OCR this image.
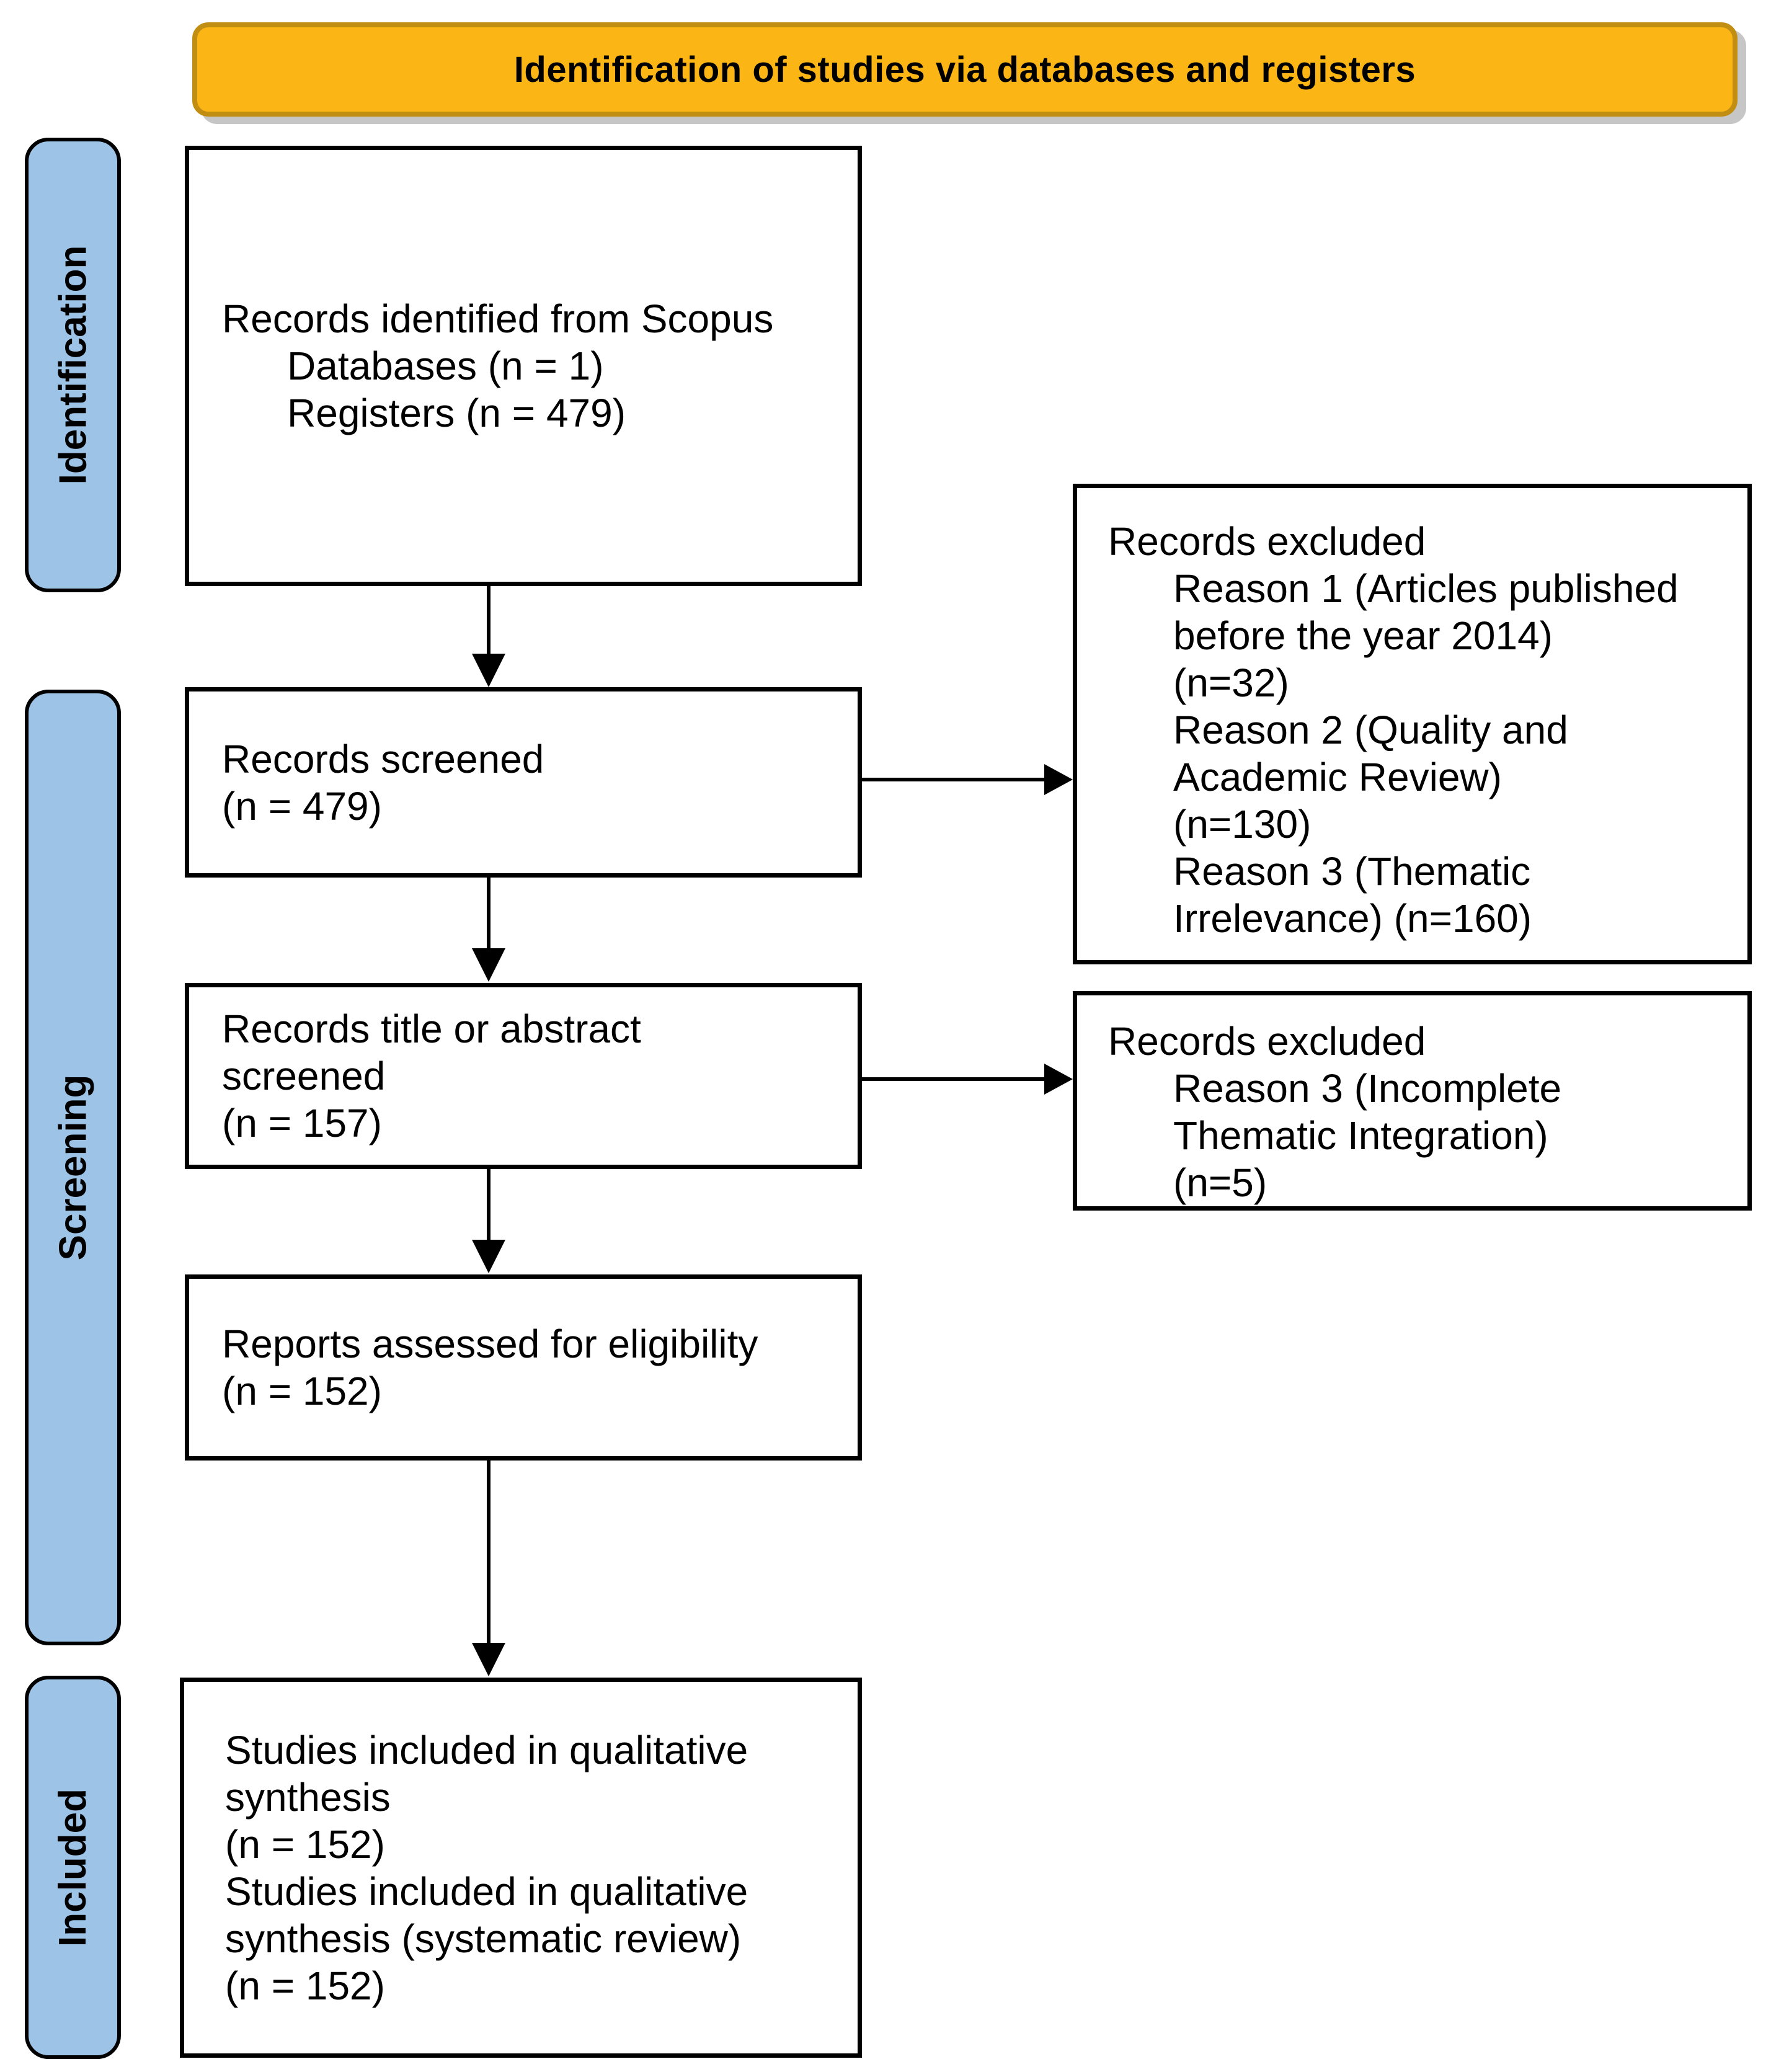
Identification of studies via databases and registers
Identification
Screening
Included
Records identified from Scopus
Databases (n = 1)
Registers (n = 479)
Records screened
(n = 479)
Records excluded
Reason 1 (Articles published
before the year 2014)
(n=32)
Reason 2 (Quality and
Academic Review)
(n=130)
Reason 3 (Thematic
Irrelevance) (n=160)
Records title or abstract
screened
(n = 157)
Records excluded
Reason 3 (Incomplete
Thematic Integration)
(n=5)
Reports assessed for eligibility
(n = 152)
Studies included in qualitative
synthesis
(n = 152)
Studies included in qualitative
synthesis (systematic review)
(n = 152)
